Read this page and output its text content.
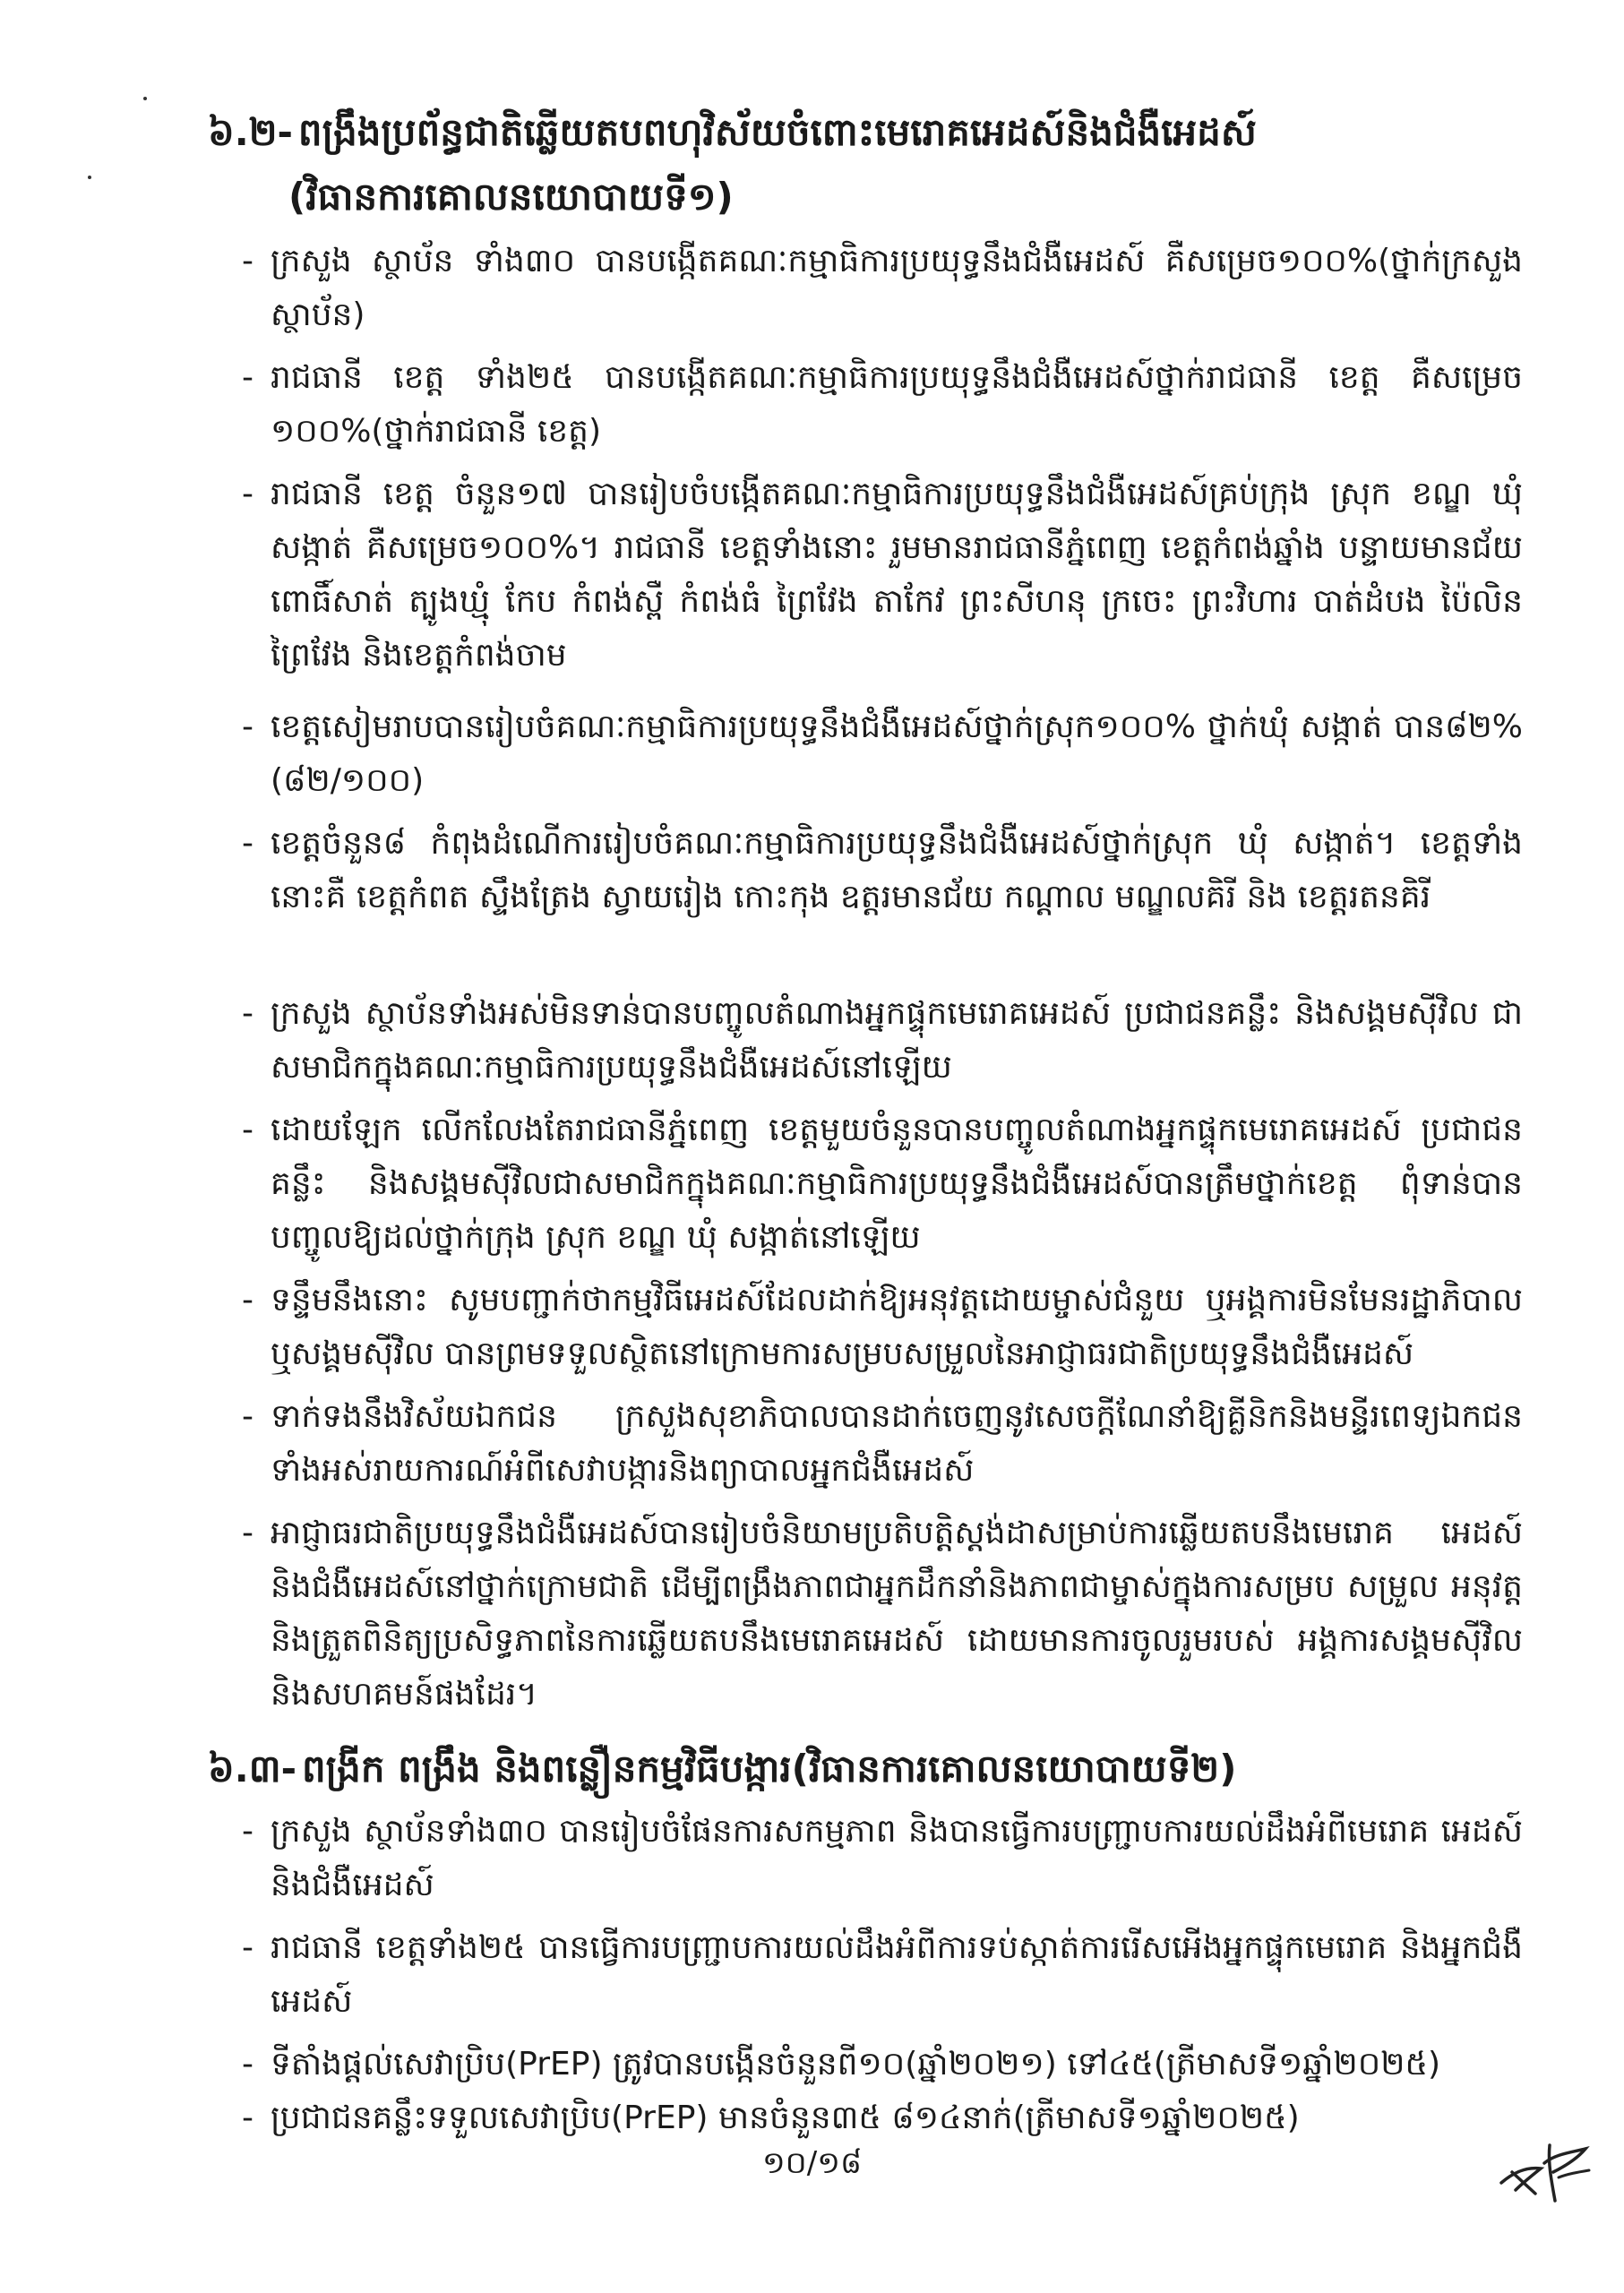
៦.២- ពង្រឹងប្រព័ន្ធជាតិឆ្លើយតបពហុវិស័យចំពោះមេរោគអេដស៍និងជំងឺអេដស៍
(វិធានការគោលនយោបាយទី១)
- ក្រសួង ស្ថាប័ន ទាំង៣០ បានបង្កើតគណៈកម្មាធិការប្រយុទ្ធនឹងជំងឺអេដស៍ គឺសម្រេច១០០%(ថ្នាក់ក្រសួង ស្ថាប័ន)
- រាជធានី ខេត្ត ទាំង២៥ បានបង្កើតគណៈកម្មាធិការប្រយុទ្ធនឹងជំងឺអេដស៍ថ្នាក់រាជធានី ខេត្ត គឺសម្រេច ១០០%(ថ្នាក់រាជធានី ខេត្ត)
- រាជធានី ខេត្ត ចំនួន១៧ បានរៀបចំបង្កើតគណៈកម្មាធិការប្រយុទ្ធនឹងជំងឺអេដស៍គ្រប់ក្រុង ស្រុក ខណ្ឌ ឃុំ សង្កាត់ គឺសម្រេច១០០%។ រាជធានី ខេត្តទាំងនោះ រួមមានរាជធានីភ្នំពេញ ខេត្តកំពង់ឆ្នាំង បន្ទាយមានជ័យ ពោធិ៍សាត់ ត្បូងឃ្មុំ កែប កំពង់ស្ពឺ កំពង់ធំ ព្រៃវែង តាកែវ ព្រះសីហនុ ក្រចេះ ព្រះវិហារ បាត់ដំបង ប៉ៃលិន ព្រៃវែង និងខេត្តកំពង់ចាម
- ខេត្តសៀមរាបបានរៀបចំគណៈកម្មាធិការប្រយុទ្ធនឹងជំងឺអេដស៍ថ្នាក់ស្រុក១០០% ថ្នាក់ឃុំ សង្កាត់ បាន៨២%(៨២/១០០)
- ខេត្តចំនួន៨ កំពុងដំណើការរៀបចំគណៈកម្មាធិការប្រយុទ្ធនឹងជំងឺអេដស៍ថ្នាក់ស្រុក ឃុំ សង្កាត់។ ខេត្តទាំងនោះគឺ ខេត្តកំពត ស្ទឹងត្រែង ស្វាយរៀង កោះកុង ឧត្តរមានជ័យ កណ្តាល មណ្ឌលគិរី និង ខេត្តរតនគិរី
- ក្រសួង ស្ថាប័នទាំងអស់មិនទាន់បានបញ្ចូលតំណាងអ្នកផ្ទុកមេរោគអេដស៍ ប្រជាជនគន្លឹះ និងសង្គមស៊ីវិល ជាសមាជិកក្នុងគណៈកម្មាធិការប្រយុទ្ធនឹងជំងឺអេដស៍នៅឡើយ
- ដោយឡែក លើកលែងតែរាជធានីភ្នំពេញ ខេត្តមួយចំនួនបានបញ្ចូលតំណាងអ្នកផ្ទុកមេរោគអេដស៍ ប្រជាជនគន្លឹះ និងសង្គមស៊ីវិលជាសមាជិកក្នុងគណៈកម្មាធិការប្រយុទ្ធនឹងជំងឺអេដស៍បានត្រឹមថ្នាក់ខេត្ត ពុំទាន់បានបញ្ចូលឱ្យដល់ថ្នាក់ក្រុង ស្រុក ខណ្ឌ ឃុំ សង្កាត់នៅឡើយ
- ទន្ទឹមនឹងនោះ សូមបញ្ជាក់ថាកម្មវិធីអេដស៍ដែលដាក់ឱ្យអនុវត្តដោយម្ចាស់ជំនួយ ឬអង្គការមិនមែនរដ្ឋាភិបាល ឬសង្គមស៊ីវិល បានព្រមទទួលស្ថិតនៅក្រោមការសម្របសម្រួលនៃអាជ្ញាធរជាតិប្រយុទ្ធនឹងជំងឺអេដស៍
- ទាក់ទងនឹងវិស័យឯកជន ក្រសួងសុខាភិបាលបានដាក់ចេញនូវសេចក្តីណែនាំឱ្យគ្លីនិកនិងមន្ទីរពេទ្យឯកជន ទាំងអស់រាយការណ៍អំពីសេវាបង្ការនិងព្យាបាលអ្នកជំងឺអេដស៍
- អាជ្ញាធរជាតិប្រយុទ្ធនឹងជំងឺអេដស៍បានរៀបចំនិយាមប្រតិបត្តិស្តង់ដាសម្រាប់ការឆ្លើយតបនឹងមេរោគ អេដស៍និងជំងឺអេដស៍នៅថ្នាក់ក្រោមជាតិ ដើម្បីពង្រឹងភាពជាអ្នកដឹកនាំនិងភាពជាម្ចាស់ក្នុងការសម្រប សម្រួល អនុវត្ត និងត្រួតពិនិត្យប្រសិទ្ធភាពនៃការឆ្លើយតបនឹងមេរោគអេដស៍ ដោយមានការចូលរួមរបស់ អង្គការសង្គមស៊ីវិល និងសហគមន៍ផងដែរ។
៦.៣- ពង្រីក ពង្រឹង និងពន្លឿនកម្មវិធីបង្ការ(វិធានការគោលនយោបាយទី២)
- ក្រសួង ស្ថាប័នទាំង៣០ បានរៀបចំផែនការសកម្មភាព និងបានធ្វើការបញ្ជ្រាបការយល់ដឹងអំពីមេរោគ អេដស៍និងជំងឺអេដស៍
- រាជធានី ខេត្តទាំង២៥ បានធ្វើការបញ្ជ្រាបការយល់ដឹងអំពីការទប់ស្កាត់ការរើសអើងអ្នកផ្ទុកមេរោគ និងអ្នកជំងឺអេដស៍
- ទីតាំងផ្តល់សេវាប្រិប(PrEP) ត្រូវបានបង្កើនចំនួនពី១០(ឆ្នាំ២០២១) ទៅ៤៥(ត្រីមាសទី១ឆ្នាំ២០២៥)
- ប្រជាជនគន្លឹះទទួលសេវាប្រិប(PrEP) មានចំនួន៣៥ ៨១៤នាក់(ត្រីមាសទី១ឆ្នាំ២០២៥)
១០/១៨
